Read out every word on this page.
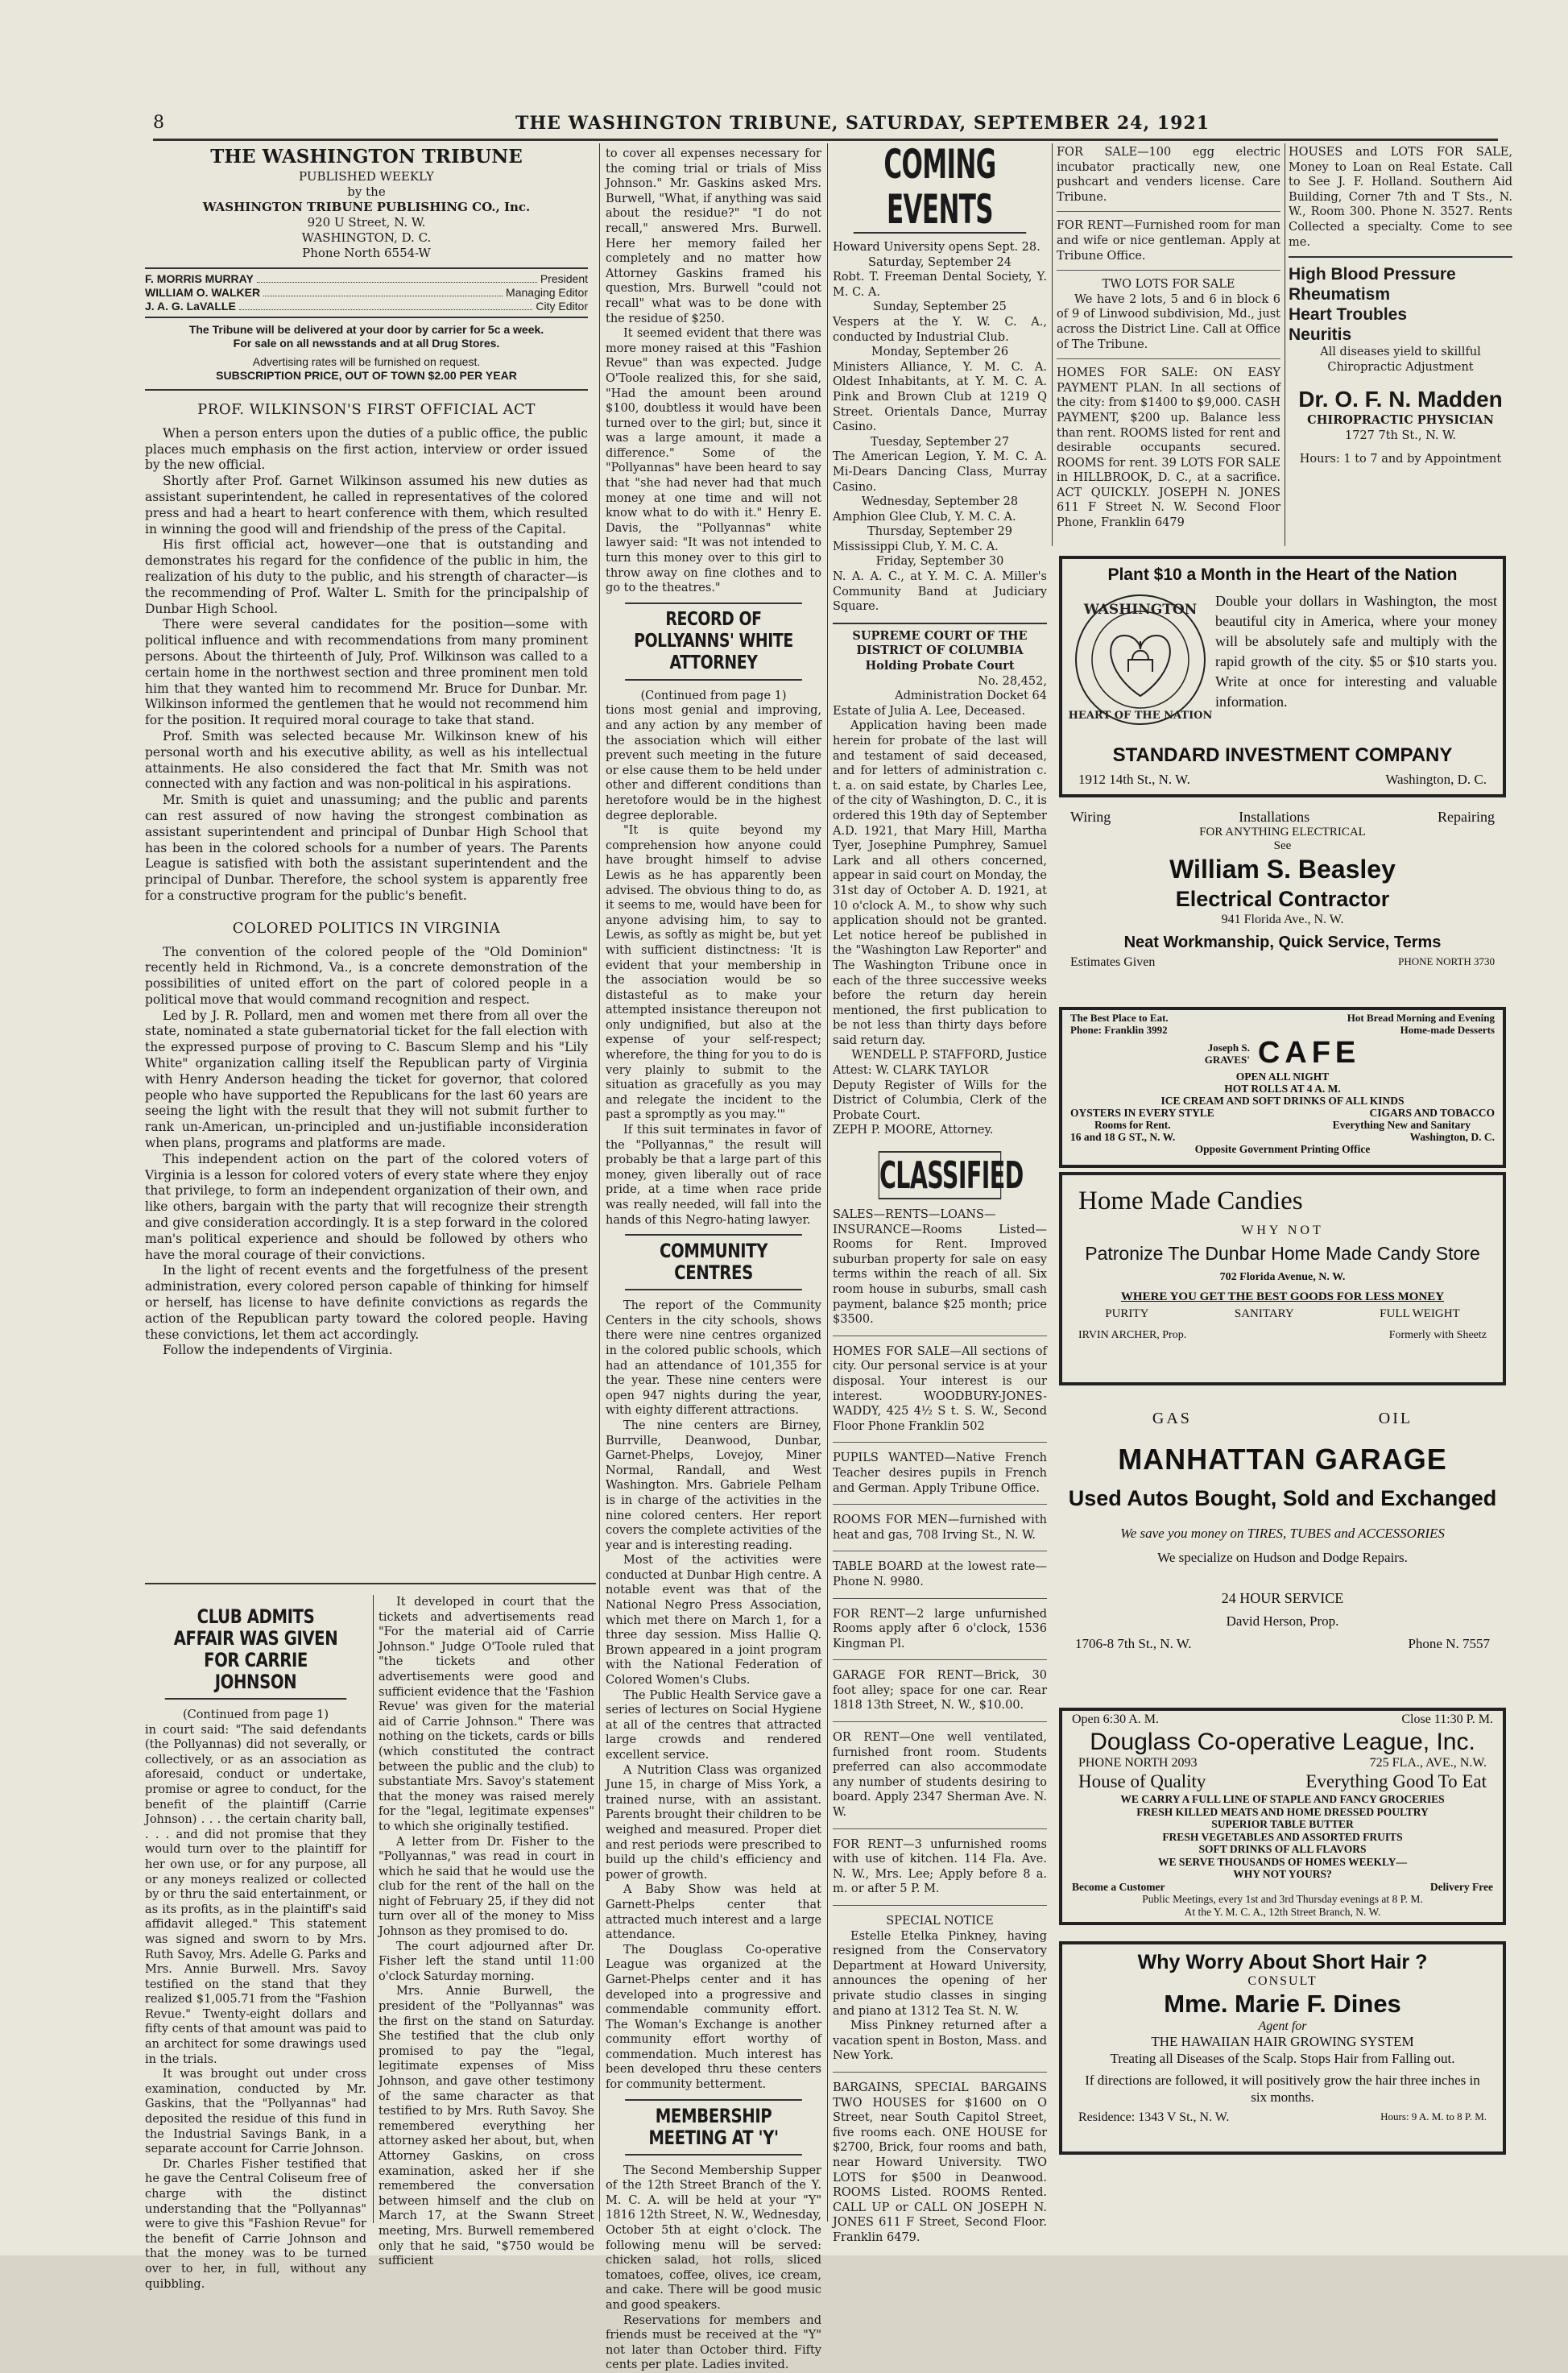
8	THE WASHINGTON TRIBUNE, SATURDAY, SEPTEMBER 24, 1921
THE WASHINGTON TRIBUNE
PUBLISHED WEEKLY
by the
WASHINGTON TRIBUNE PUBLISHING CO., Inc.
920 U Street, N. W.
WASHINGTON, D. C.
Phone North 6554-W
F. MORRIS MURRAY	President
WILLIAM O. WALKER	Managing Editor
J. A. G. LaVALLE	City Editor
The Tribune will be delivered at your door by carrier for 5c a week.
For sale on all newsstands and at all Drug Stores.
Advertising rates will be furnished on request.
SUBSCRIPTION PRICE, OUT OF TOWN $2.00 PER YEAR
PROF. WILKINSON'S FIRST OFFICIAL ACT

When a person enters upon the duties of a public office, the public places much emphasis on the first action, interview or order issued by the new official.

Shortly after Prof. Garnet Wilkinson assumed his new duties as assistant superintendent, he called in representatives of the colored press and had a heart to heart conference with them, which resulted in winning the good will and friendship of the press of the Capital.

His first official act, however—one that is outstanding and demonstrates his regard for the confidence of the public in him, the realization of his duty to the public, and his strength of character—is the recommending of Prof. Walter L. Smith for the principalship of Dunbar High School.

There were several candidates for the position—some with political influence and with recommendations from many prominent persons. About the thirteenth of July, Prof. Wilkinson was called to a certain home in the northwest section and three prominent men told him that they wanted him to recommend Mr. Bruce for Dunbar. Mr. Wilkinson informed the gentlemen that he would not recommend him for the position. It required moral courage to take that stand.

Prof. Smith was selected because Mr. Wilkinson knew of his personal worth and his executive ability, as well as his intellectual attainments. He also considered the fact that Mr. Smith was not connected with any faction and was non-political in his aspirations.

Mr. Smith is quiet and unassuming; and the public and parents can rest assured of now having the strongest combination as assistant superintendent and principal of Dunbar High School that has been in the colored schools for a number of years. The Parents League is satisfied with both the assistant superintendent and the principal of Dunbar. Therefore, the school system is apparently free for a constructive program for the public's benefit.

COLORED POLITICS IN VIRGINIA

The convention of the colored people of the "Old Dominion" recently held in Richmond, Va., is a concrete demonstration of the possibilities of united effort on the part of colored people in a political move that would command recognition and respect.

Led by J. R. Pollard, men and women met there from all over the state, nominated a state gubernatorial ticket for the fall election with the expressed purpose of proving to C. Bascum Slemp and his "Lily White" organization calling itself the Republican party of Virginia with Henry Anderson heading the ticket for governor, that colored people who have supported the Republicans for the last 60 years are seeing the light with the result that they will not submit further to rank un-American, un-principled and un-justifiable inconsideration when plans, programs and platforms are made.

This independent action on the part of the colored voters of Virginia is a lesson for colored voters of every state where they enjoy that privilege, to form an independent organization of their own, and like others, bargain with the party that will recognize their strength and give consideration accordingly. It is a step forward in the colored man's political experience and should be followed by others who have the moral courage of their convictions.

In the light of recent events and the forgetfulness of the present administration, every colored person capable of thinking for himself or herself, has license to have definite convictions as regards the action of the Republican party toward the colored people. Having these convictions, let them act accordingly.

Follow the independents of Virginia.

CLUB ADMITS AFFAIR WAS GIVEN FOR CARRIE JOHNSON
(Continued from page 1)

in court said: "The said defendants (the Pollyannas) did not severally, or collectively, or as an association as aforesaid, conduct or undertake, promise or agree to conduct, for the benefit of the plaintiff (Carrie Johnson) . . . the certain charity ball, . . . and did not promise that they would turn over to the plaintiff for her own use, or for any purpose, all or any moneys realized or collected by or thru the said entertainment, or as its profits, as in the plaintiff's said affidavit alleged." This statement was signed and sworn to by Mrs. Ruth Savoy, Mrs. Adelle G. Parks and Mrs. Annie Burwell. Mrs. Savoy testified on the stand that they realized $1,005.71 from the "Fashion Revue." Twenty-eight dollars and fifty cents of that amount was paid to an architect for some drawings used in the trials.

It was brought out under cross examination, conducted by Mr. Gaskins, that the "Pollyannas" had deposited the residue of this fund in the Industrial Savings Bank, in a separate account for Carrie Johnson.

Dr. Charles Fisher testified that he gave the Central Coliseum free of charge with the distinct understanding that the "Pollyannas" were to give this "Fashion Revue" for the benefit of Carrie Johnson and that the money was to be turned over to her, in full, without any quibbling.

It developed in court that the tickets and advertisements read "For the material aid of Carrie Johnson." Judge O'Toole ruled that "the tickets and other advertisements were good and sufficient evidence that the 'Fashion Revue' was given for the material aid of Carrie Johnson." There was nothing on the tickets, cards or bills (which constituted the contract between the public and the club) to substantiate Mrs. Savoy's statement that the money was raised merely for the "legal, legitimate expenses" to which she originally testified.

A letter from Dr. Fisher to the "Pollyannas," was read in court in which he said that he would use the club for the rent of the hall on the night of February 25, if they did not turn over all of the money to Miss Johnson as they promised to do.

The court adjourned after Dr. Fisher left the stand until 11:00 o'clock Saturday morning.

Mrs. Annie Burwell, the president of the "Pollyannas" was the first on the stand on Saturday. She testified that the club only promised to pay the "legal, legitimate expenses of Miss Johnson, and gave other testimony of the same character as that testified to by Mrs. Ruth Savoy. She remembered everything her attorney asked her about, but, when Attorney Gaskins, on cross examination, asked her if she remembered the conversation between himself and the club on March 17, at the Swann Street meeting, Mrs. Burwell remembered only that he said, "$750 would be sufficient

to cover all expenses necessary for the coming trial or trials of Miss Johnson." Mr. Gaskins asked Mrs. Burwell, "What, if anything was said about the residue?" "I do not recall," answered Mrs. Burwell. Here her memory failed her completely and no matter how Attorney Gaskins framed his question, Mrs. Burwell "could not recall" what was to be done with the residue of $250.

It seemed evident that there was more money raised at this "Fashion Revue" than was expected. Judge O'Toole realized this, for she said, "Had the amount been around $100, doubtless it would have been turned over to the girl; but, since it was a large amount, it made a difference." Some of the "Pollyannas" have been heard to say that "she had never had that much money at one time and will not know what to do with it." Henry E. Davis, the "Pollyannas" white lawyer said: "It was not intended to turn this money over to this girl to throw away on fine clothes and to go to the theatres."

RECORD OF POLLYANNS' WHITE ATTORNEY
(Continued from page 1)

tions most genial and improving, and any action by any member of the association which will either prevent such meeting in the future or else cause them to be held under other and different conditions than heretofore would be in the highest degree deplorable.

"It is quite beyond my comprehension how anyone could have brought himself to advise Lewis as he has apparently been advised. The obvious thing to do, as it seems to me, would have been for anyone advising him, to say to Lewis, as softly as might be, but yet with sufficient distinctness: 'It is evident that your membership in the association would be so distasteful as to make your attempted insistance thereupon not only undignified, but also at the expense of your self-respect; wherefore, the thing for you to do is very plainly to submit to the situation as gracefully as you may and relegate the incident to the past a spromptly as you may.'"

If this suit terminates in favor of the "Pollyannas," the result will probably be that a large part of this money, given liberally out of race pride, at a time when race pride was really needed, will fall into the hands of this Negro-hating lawyer.

COMMUNITY CENTRES

The report of the Community Centers in the city schools, shows there were nine centres organized in the colored public schools, which had an attendance of 101,355 for the year. These nine centers were open 947 nights during the year, with eighty different attractions.

The nine centers are Birney, Burrville, Deanwood, Dunbar, Garnet-Phelps, Lovejoy, Miner Normal, Randall, and West Washington. Mrs. Gabriele Pelham is in charge of the activities in the nine colored centers. Her report covers the complete activities of the year and is interesting reading.

Most of the activities were conducted at Dunbar High centre. A notable event was that of the National Negro Press Association, which met there on March 1, for a three day session. Miss Hallie Q. Brown appeared in a joint program with the National Federation of Colored Women's Clubs.

The Public Health Service gave a series of lectures on Social Hygiene at all of the centres that attracted large crowds and rendered excellent service.

A Nutrition Class was organized June 15, in charge of Miss York, a trained nurse, with an assistant. Parents brought their children to be weighed and measured. Proper diet and rest periods were prescribed to build up the child's efficiency and power of growth.

A Baby Show was held at Garnett-Phelps center that attracted much interest and a large attendance.

The Douglass Co-operative League was organized at the Garnet-Phelps center and it has developed into a progressive and commendable community effort. The Woman's Exchange is another community effort worthy of commendation. Much interest has been developed thru these centers for community betterment.

MEMBERSHIP MEETING AT 'Y'

The Second Membership Supper of the 12th Street Branch of the Y. M. C. A. will be held at your "Y" 1816 12th Street, N. W., Wednesday, October 5th at eight o'clock. The following menu will be served: chicken salad, hot rolls, sliced tomatoes, coffee, olives, ice cream, and cake. There will be good music and good speakers.

Reservations for members and friends must be received at the "Y" not later than October third. Fifty cents per plate. Ladies invited.

COMING EVENTS
Howard University opens Sept. 28.
Saturday, September 24
Robt. T. Freeman Dental Society, Y. M. C. A.
Sunday, September 25
Vespers at the Y. W. C. A., conducted by Industrial Club.
Monday, September 26
Ministers Alliance, Y. M. C. A. Oldest Inhabitants, at Y. M. C. A. Pink and Brown Club at 1219 Q Street. Orientals Dance, Murray Casino.
Tuesday, September 27
The American Legion, Y. M. C. A. Mi-Dears Dancing Class, Murray Casino.
Wednesday, September 28
Amphion Glee Club, Y. M. C. A.
Thursday, September 29
Mississippi Club, Y. M. C. A.
Friday, September 30
N. A. A. C., at Y. M. C. A. Miller's Community Band at Judiciary Square.
SUPREME COURT OF THE DISTRICT OF COLUMBIA
Holding Probate Court
No. 28,452,
Administration Docket 64
Estate of Julia A. Lee, Deceased.

Application having been made herein for probate of the last will and testament of said deceased, and for letters of administration c. t. a. on said estate, by Charles Lee, of the city of Washington, D. C., it is ordered this 19th day of September A.D. 1921, that Mary Hill, Martha Tyer, Josephine Pumphrey, Samuel Lark and all others concerned, appear in said court on Monday, the 31st day of October A. D. 1921, at 10 o'clock A. M., to show why such application should not be granted. Let notice hereof be published in the "Washington Law Reporter" and The Washington Tribune once in each of the three successive weeks before the return day herein mentioned, the first publication to be not less than thirty days before said return day.

WENDELL P. STAFFORD, Justice
Attest: W. CLARK TAYLOR
Deputy Register of Wills for the District of Columbia, Clerk of the Probate Court.
ZEPH P. MOORE, Attorney.
CLASSIFIED

SALES—RENTS—LOANS—INSURANCE—Rooms Listed—Rooms for Rent. Improved suburban property for sale on easy terms within the reach of all. Six room house in suburbs, small cash payment, balance $25 month; price $3500.

HOMES FOR SALE—All sections of city. Our personal service is at your disposal. Your interest is our interest. WOODBURY-JONES-WADDY, 425 4½ S t. S. W., Second Floor Phone Franklin 502

PUPILS WANTED—Native French Teacher desires pupils in French and German. Apply Tribune Office.

ROOMS FOR MEN—furnished with heat and gas, 708 Irving St., N. W.

TABLE BOARD at the lowest rate—Phone N. 9980.

FOR RENT—2 large unfurnished Rooms apply after 6 o'clock, 1536 Kingman Pl.

GARAGE FOR RENT—Brick, 30 foot alley; space for one car. Rear 1818 13th Street, N. W., $10.00.

OR RENT—One well ventilated, furnished front room. Students preferred can also accommodate any number of students desiring to board. Apply 2347 Sherman Ave. N. W.

FOR RENT—3 unfurnished rooms with use of kitchen. 114 Fla. Ave. N. W., Mrs. Lee; Apply before 8 a. m. or after 5 P. M.

SPECIAL NOTICE

Estelle Etelka Pinkney, having resigned from the Conservatory Department at Howard University, announces the opening of her private studio classes in singing and piano at 1312 Tea St. N. W.

Miss Pinkney returned after a vacation spent in Boston, Mass. and New York.

BARGAINS, SPECIAL BARGAINS TWO HOUSES for $1600 on O Street, near South Capitol Street, five rooms each. ONE HOUSE for $2700, Brick, four rooms and bath, near Howard University. TWO LOTS for $500 in Deanwood. ROOMS Listed. ROOMS Rented. CALL UP or CALL ON JOSEPH N. JONES 611 F Street, Second Floor. Franklin 6479.

FOR SALE—100 egg electric incubator practically new, one pushcart and venders license. Care Tribune.

FOR RENT—Furnished room for man and wife or nice gentleman. Apply at Tribune Office.

TWO LOTS FOR SALE

We have 2 lots, 5 and 6 in block 6 of 9 of Linwood subdivision, Md., just across the District Line. Call at Office of The Tribune.

HOMES FOR SALE: ON EASY PAYMENT PLAN. In all sections of the city: from $1400 to $9,000. CASH PAYMENT, $200 up. Balance less than rent. ROOMS listed for rent and desirable occupants secured. ROOMS for rent. 39 LOTS FOR SALE in HILLBROOK, D. C., at a sacrifice. ACT QUICKLY. JOSEPH N. JONES 611 F Street N. W. Second Floor Phone, Franklin 6479

HOUSES and LOTS FOR SALE, Money to Loan on Real Estate. Call to See J. F. Holland. Southern Aid Building, Corner 7th and T Sts., N. W., Room 300. Phone N. 3527. Rents Collected a specialty. Come to see me.

High Blood Pressure
Rheumatism
Heart Troubles
Neuritis
All diseases yield to skillful Chiropractic Adjustment
Dr. O. F. N. Madden
CHIROPRACTIC PHYSICIAN
1727 7th St., N. W.
Hours: 1 to 7 and by Appointment
Plant $10 a Month in the Heart of the Nation
WASHINGTON
HEART OF THE NATION
Double your dollars in Washington, the most beautiful city in America, where your money will be absolutely safe and multiply with the rapid growth of the city. $5 or $10 starts you. Write at once for interesting and valuable information.
STANDARD INVESTMENT COMPANY
1912 14th St., N. W.	Washington, D. C.
Wiring	Installations	Repairing
FOR ANYTHING ELECTRICAL
See
William S. Beasley
Electrical Contractor
941 Florida Ave., N. W.
Neat Workmanship, Quick Service, Terms
Estimates Given	PHONE NORTH 3730
The Best Place to Eat.
Phone: Franklin 3992
Hot Bread Morning and Evening
Home-made Desserts
Joseph S.
GRAVES' CAFE
OPEN ALL NIGHT
HOT ROLLS AT 4 A. M.
ICE CREAM AND SOFT DRINKS OF ALL KINDS
OYSTERS IN EVERY STYLE	CIGARS AND TOBACCO
Rooms for Rent.	Everything New and Sanitary
16 and 18 G ST., N. W.	Washington, D. C.
Opposite Government Printing Office
Home Made Candies
WHY NOT
Patronize The Dunbar Home Made Candy Store
702 Florida Avenue, N. W.
WHERE YOU GET THE BEST GOODS FOR LESS MONEY
PURITY	SANITARY	FULL WEIGHT
IRVIN ARCHER, Prop.	Formerly with Sheetz
GAS	OIL
MANHATTAN GARAGE
Used Autos Bought, Sold and Exchanged
We save you money on TIRES, TUBES and ACCESSORIES
We specialize on Hudson and Dodge Repairs.
24 HOUR SERVICE
David Herson, Prop.
1706-8 7th St., N. W.	Phone N. 7557
Open 6:30 A. M.	Close 11:30 P. M.
Douglass Co-operative League, Inc.
PHONE NORTH 2093	725 FLA., AVE., N.W.
House of Quality	Everything Good To Eat
WE CARRY A FULL LINE OF STAPLE AND FANCY GROCERIES
FRESH KILLED MEATS AND HOME DRESSED POULTRY
SUPERIOR TABLE BUTTER
FRESH VEGETABLES AND ASSORTED FRUITS
SOFT DRINKS OF ALL FLAVORS
WE SERVE THOUSANDS OF HOMES WEEKLY—
WHY NOT YOURS?
Become a Customer	Delivery Free
Public Meetings, every 1st and 3rd Thursday evenings at 8 P. M.
At the Y. M. C. A., 12th Street Branch, N. W.
Why Worry About Short Hair ?
CONSULT
Mme. Marie F. Dines
Agent for
THE HAWAIIAN HAIR GROWING SYSTEM
Treating all Diseases of the Scalp. Stops Hair from Falling out.
If directions are followed, it will positively grow the hair three inches in six months.
Residence: 1343 V St., N. W.	Hours: 9 A. M. to 8 P. M.
